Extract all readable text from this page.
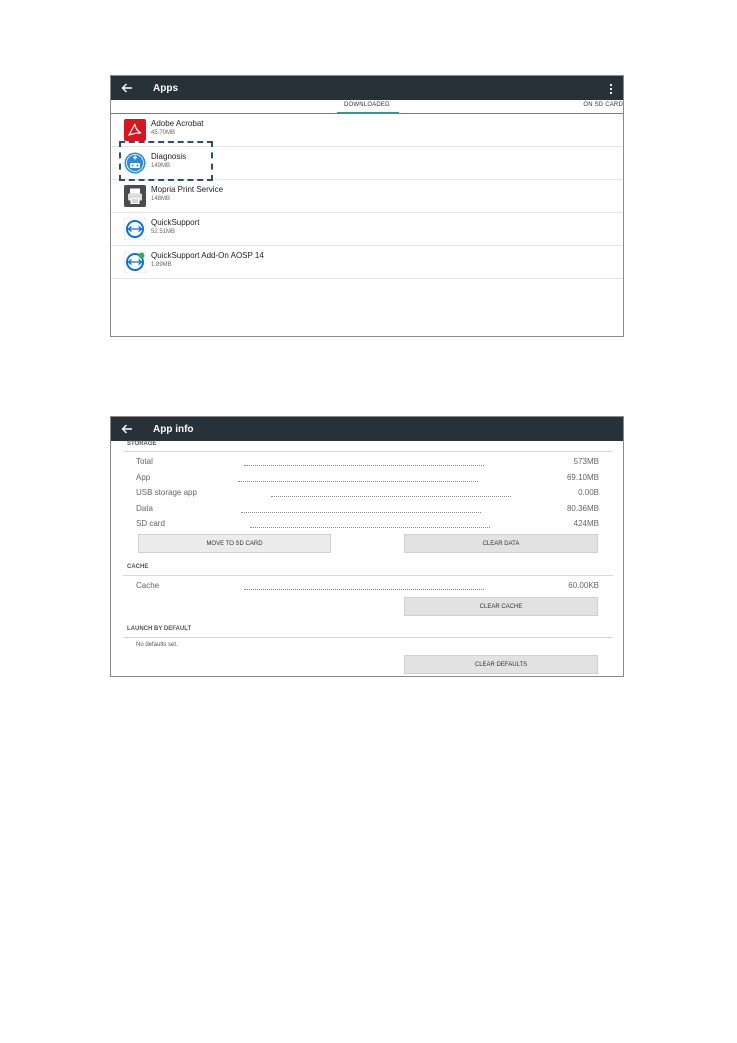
Apps
DOWNLOADED	ON SD CARD
Adobe Acrobat
45.70MB
Diagnosis
149MB
Mopria Print Service
148MB
QuickSupport
52.51MB
QuickSupport Add-On AOSP 14
1.89MB
App info
STORAGE
Total	573MB
App	69.10MB
USB storage app	0.00B
Data	80.36MB
SD card	424MB
MOVE TO SD CARD	CLEAR DATA
CACHE
Cache	60.00KB
CLEAR CACHE
LAUNCH BY DEFAULT
No defaults set.
CLEAR DEFAULTS
